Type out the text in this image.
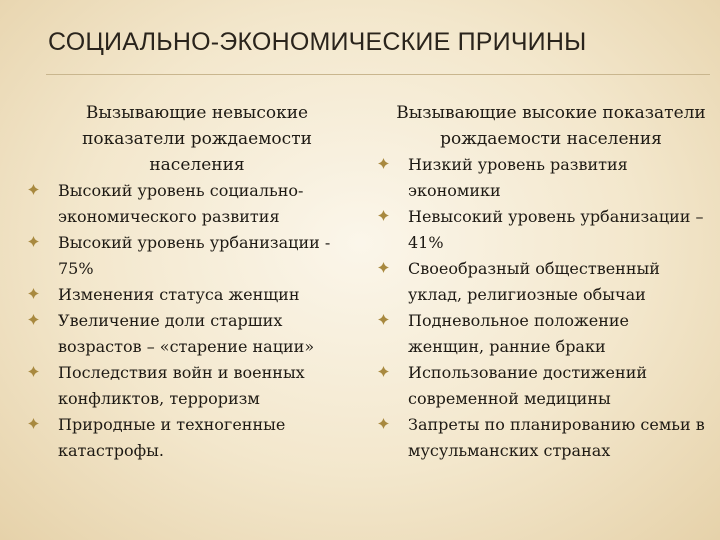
СОЦИАЛЬНО-ЭКОНОМИЧЕСКИЕ ПРИЧИНЫ
Вызывающие невысокие показатели рождаемости населения
Высокий уровень социально-экономического развития
Высокий уровень урбанизации - 75%
Изменения статуса женщин
Увеличение доли старших возрастов – «старение нации»
Последствия войн и военных конфликтов, терроризм
Природные и техногенные катастрофы.
Вызывающие высокие показатели рождаемости населения
Низкий уровень развития экономики
Невысокий уровень урбанизации – 41%
Своеобразный общественный уклад, религиозные обычаи
Подневольное положение женщин, ранние браки
Использование достижений современной медицины
Запреты по планированию семьи в мусульманских странах
